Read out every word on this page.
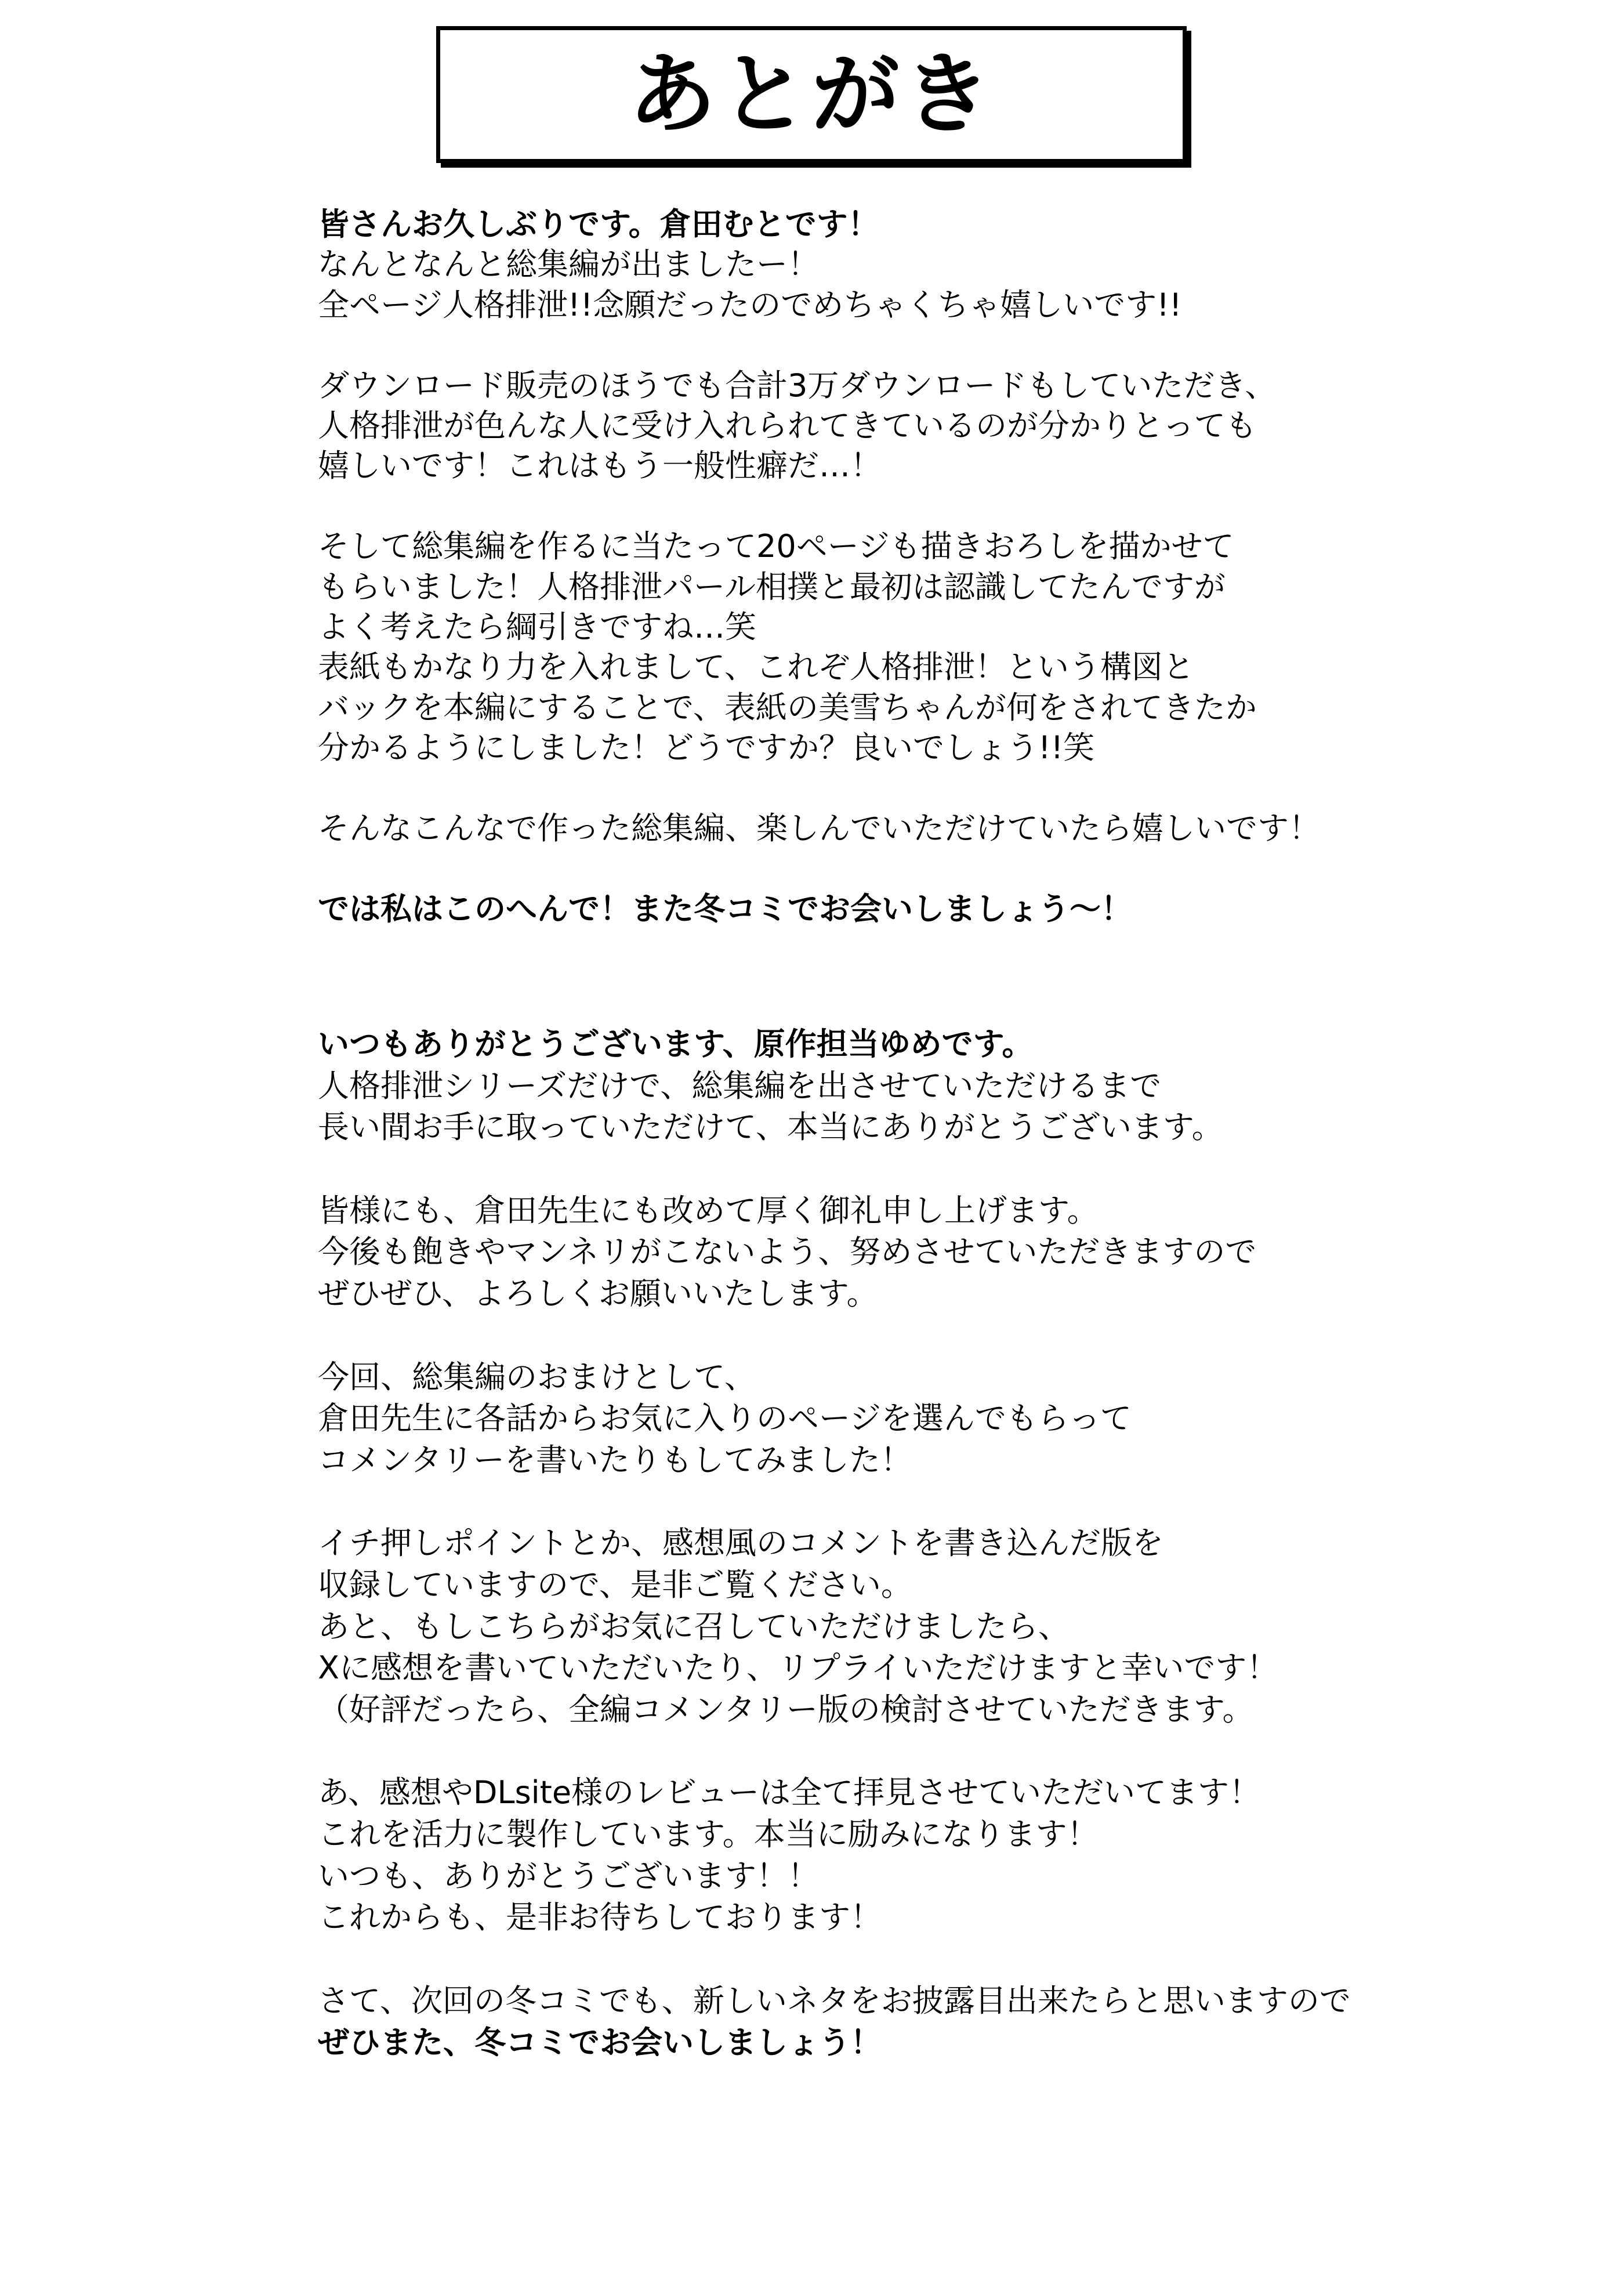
あとがき
皆さんお久しぶりです。倉田むとです！
なんとなんと総集編が出ましたー！
全ページ人格排泄!!念願だったのでめちゃくちゃ嬉しいです!!
ダウンロード販売のほうでも合計3万ダウンロードもしていただき、
人格排泄が色んな人に受け入れられてきているのが分かりとっても
嬉しいです！これはもう一般性癖だ…！
そして総集編を作るに当たって20ページも描きおろしを描かせて
もらいました！人格排泄パール相撲と最初は認識してたんですが
よく考えたら綱引きですね…笑
表紙もかなり力を入れまして、これぞ人格排泄！という構図と
バックを本編にすることで、表紙の美雪ちゃんが何をされてきたか
分かるようにしました！どうですか？良いでしょう!!笑
そんなこんなで作った総集編、楽しんでいただけていたら嬉しいです！
では私はこのへんで！また冬コミでお会いしましょう〜！
いつもありがとうございます、原作担当ゆめです。
人格排泄シリーズだけで、総集編を出させていただけるまで
長い間お手に取っていただけて、本当にありがとうございます。
皆様にも、倉田先生にも改めて厚く御礼申し上げます。
今後も飽きやマンネリがこないよう、努めさせていただきますので
ぜひぜひ、よろしくお願いいたします。
今回、総集編のおまけとして、
倉田先生に各話からお気に入りのページを選んでもらって
コメンタリーを書いたりもしてみました！
イチ押しポイントとか、感想風のコメントを書き込んだ版を
収録していますので、是非ご覧ください。
あと、もしこちらがお気に召していただけましたら、
Xに感想を書いていただいたり、リプライいただけますと幸いです！
（好評だったら、全編コメンタリー版の検討させていただきます。
あ、感想やDLsite様のレビューは全て拝見させていただいてます！
これを活力に製作しています。本当に励みになります！
いつも、ありがとうございます！！
これからも、是非お待ちしております！
さて、次回の冬コミでも、新しいネタをお披露目出来たらと思いますので
ぜひまた、冬コミでお会いしましょう！
